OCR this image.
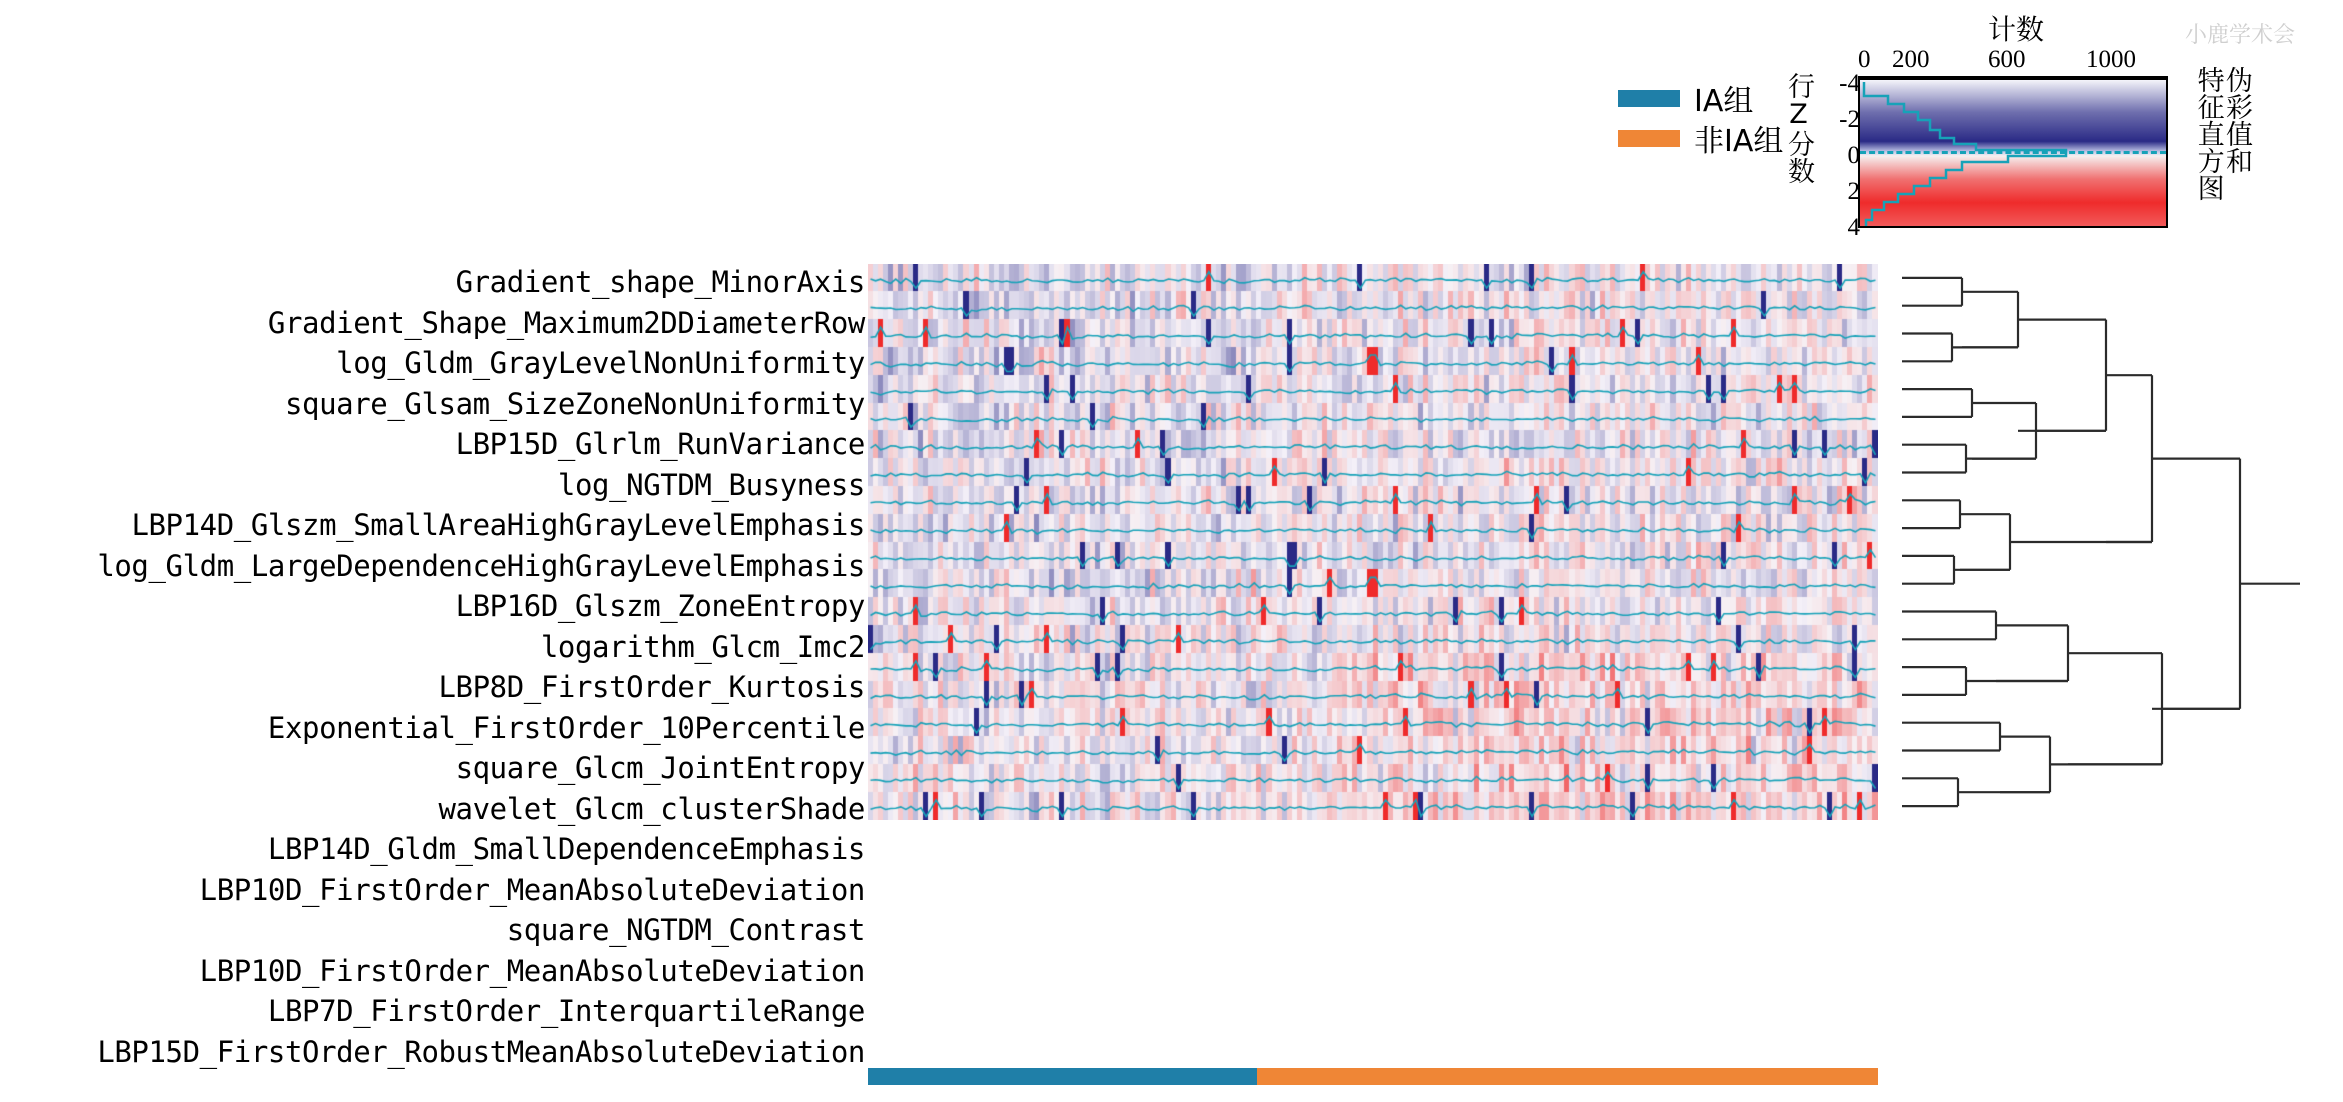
IA组
非IA组
计数
0 200 600 1000
-4
-2
0
2
4
行Z分数	伪彩值和
特征直方图
Gradient_shape_MinorAxis
Gradient_Shape_Maximum2DDiameterRow
log_Gldm_GrayLevelNonUniformity
square_Glsam_SizeZoneNonUniformity
LBP15D_Glrlm_RunVariance
log_NGTDM_Busyness
LBP14D_Glszm_SmallAreaHighGrayLevelEmphasis
log_Gldm_LargeDependenceHighGrayLevelEmphasis
LBP16D_Glszm_ZoneEntropy
logarithm_Glcm_Imc2
LBP8D_FirstOrder_Kurtosis
Exponential_FirstOrder_10Percentile
square_Glcm_JointEntropy
wavelet_Glcm_clusterShade
LBP14D_Gldm_SmallDependenceEmphasis
LBP10D_FirstOrder_MeanAbsoluteDeviation
square_NGTDM_Contrast
LBP10D_FirstOrder_MeanAbsoluteDeviation
LBP7D_FirstOrder_InterquartileRange
LBP15D_FirstOrder_RobustMeanAbsoluteDeviation
小鹿学术会
